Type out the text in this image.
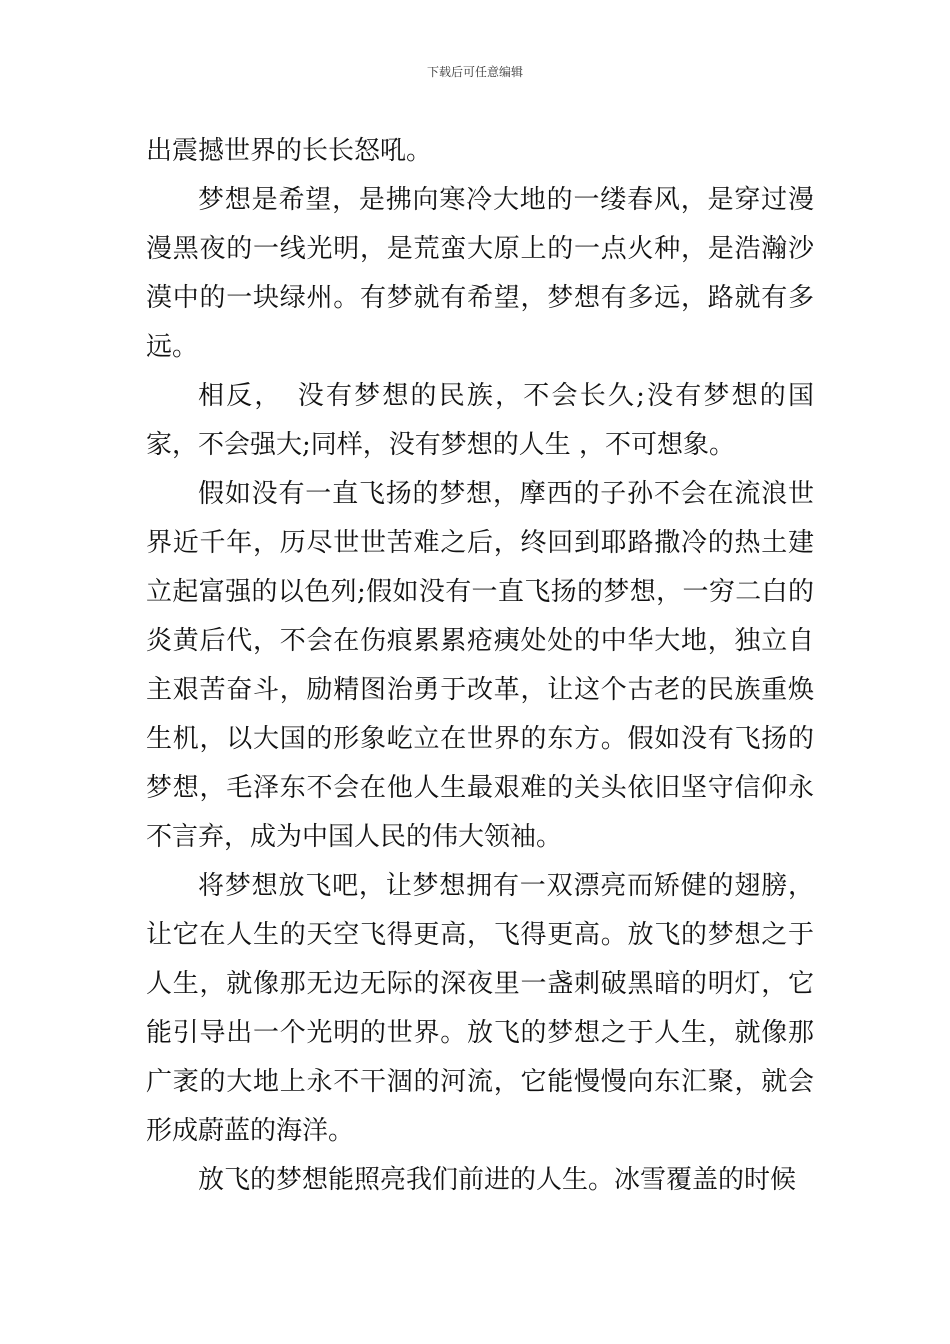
下载后可任意编辑

出震撼世界的长长怒吼。

梦想是希望，是拂向寒冷大地的一缕春风，是穿过漫漫黑夜的一线光明，是荒蛮大原上的一点火种，是浩瀚沙漠中的一块绿州。有梦就有希望，梦想有多远，路就有多远。

相反，　没有梦想的民族，不会长久;没有梦想的国家，不会强大;同样，没有梦想的人生 ，不可想象。

假如没有一直飞扬的梦想，摩西的子孙不会在流浪世界近千年，历尽世世苦难之后，终回到耶路撒冷的热土建立起富强的以色列;假如没有一直飞扬的梦想，一穷二白的炎黄后代，不会在伤痕累累疮痍处处的中华大地，独立自主艰苦奋斗，励精图治勇于改革，让这个古老的民族重焕生机，以大国的形象屹立在世界的东方。假如没有飞扬的梦想，毛泽东不会在他人生最艰难的关头依旧坚守信仰永不言弃，成为中国人民的伟大领袖。

将梦想放飞吧，让梦想拥有一双漂亮而矫健的翅膀，让它在人生的天空飞得更高，飞得更高。放飞的梦想之于人生，就像那无边无际的深夜里一盏刺破黑暗的明灯，它能引导出一个光明的世界。放飞的梦想之于人生，就像那广袤的大地上永不干涸的河流，它能慢慢向东汇聚，就会形成蔚蓝的海洋。

放飞的梦想能照亮我们前进的人生。冰雪覆盖的时候
